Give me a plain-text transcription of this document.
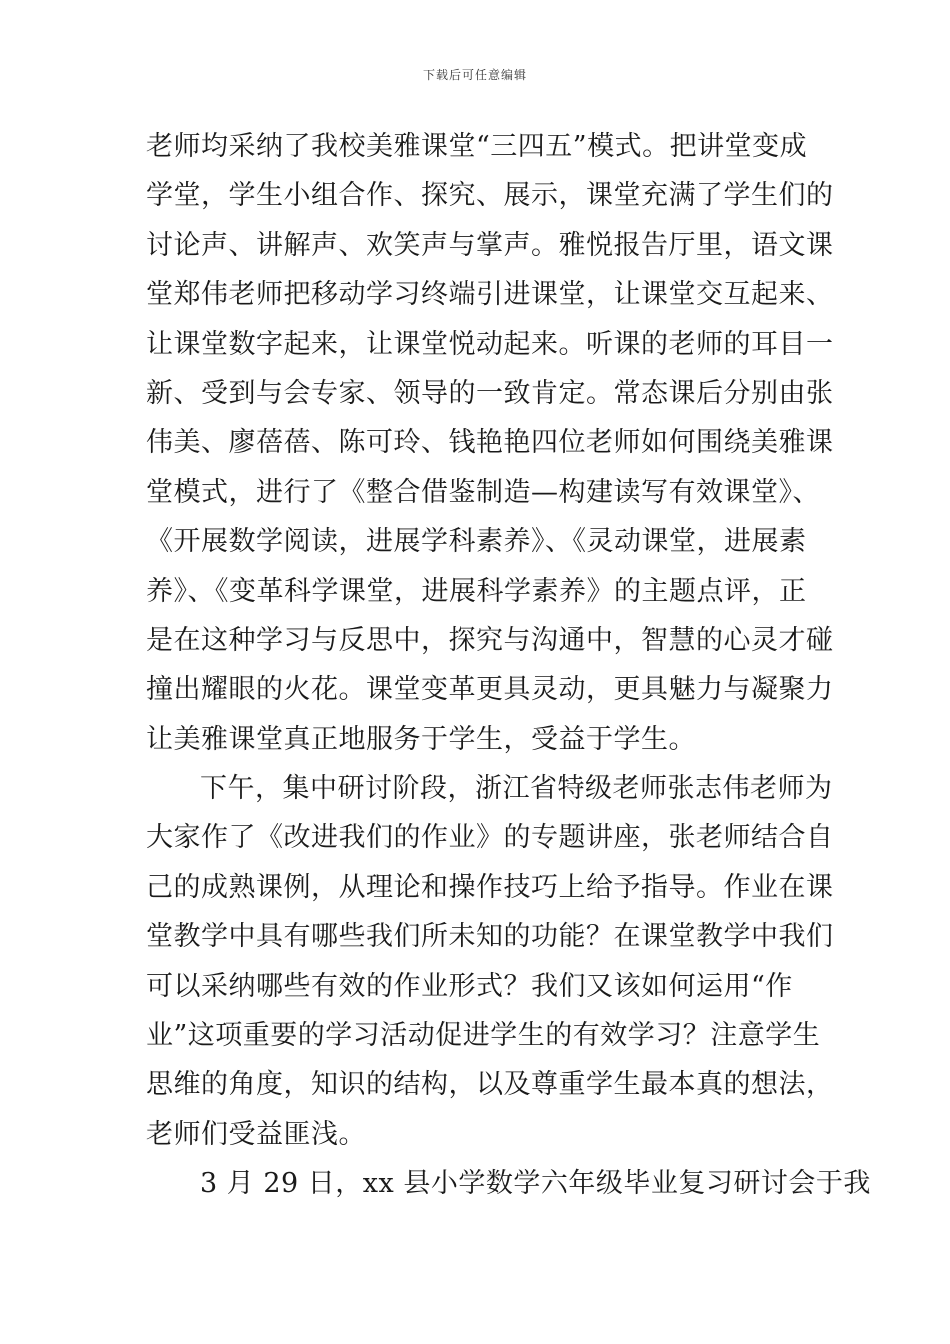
下载后可任意编辑
老师均采纳了我校美雅课堂“三四五”模式。把讲堂变成
学堂，学生小组合作、探究、展示，课堂充满了学生们的
讨论声、讲解声、欢笑声与掌声。雅悦报告厅里，语文课
堂郑伟老师把移动学习终端引进课堂，让课堂交互起来、
让课堂数字起来，让课堂悦动起来。听课的老师的耳目一
新、受到与会专家、领导的一致肯定。常态课后分别由张
伟美、廖蓓蓓、陈可玲、钱艳艳四位老师如何围绕美雅课
堂模式，进行了《整合借鉴制造—构建读写有效课堂》、
《开展数学阅读，进展学科素养》、《灵动课堂，进展素
养》、《变革科学课堂，进展科学素养》的主题点评，正
是在这种学习与反思中，探究与沟通中，智慧的心灵才碰
撞出耀眼的火花。课堂变革更具灵动，更具魅力与凝聚力
让美雅课堂真正地服务于学生，受益于学生。
下午，集中研讨阶段，浙江省特级老师张志伟老师为
大家作了《改进我们的作业》的专题讲座，张老师结合自
己的成熟课例，从理论和操作技巧上给予指导。作业在课
堂教学中具有哪些我们所未知的功能？在课堂教学中我们
可以采纳哪些有效的作业形式？我们又该如何运用“作
业”这项重要的学习活动促进学生的有效学习？注意学生
思维的角度，知识的结构，以及尊重学生最本真的想法，
老师们受益匪浅。
3 月 29 日，xx 县小学数学六年级毕业复习研讨会于我
